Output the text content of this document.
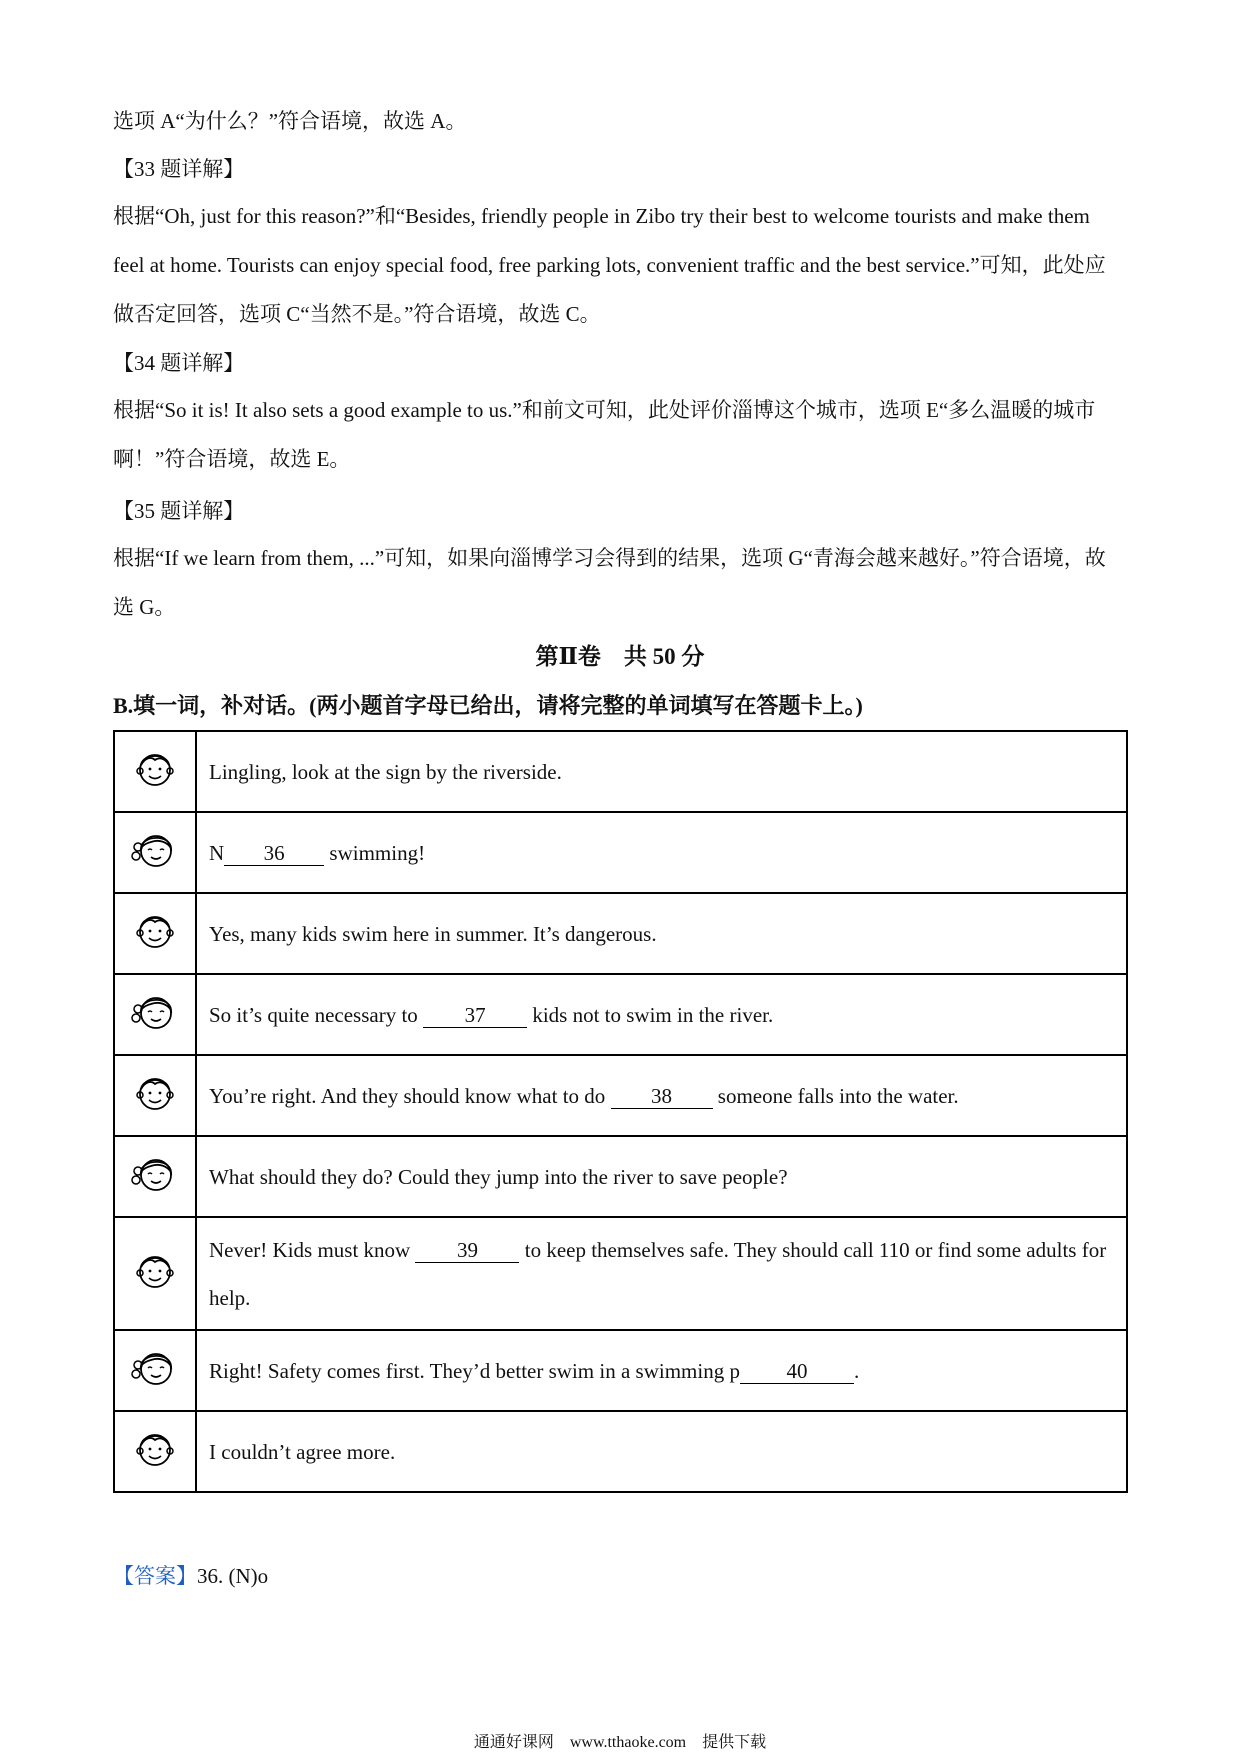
选项 A“为什么？”符合语境，故选 A。

【33 题详解】

根据“Oh, just for this reason?”和“Besides, friendly people in Zibo try their best to welcome tourists and make them feel at home. Tourists can enjoy special food, free parking lots, convenient traffic and the best service.”可知，此处应做否定回答，选项 C“当然不是。”符合语境，故选 C。

【34 题详解】

根据“So it is! It also sets a good example to us.”和前文可知，此处评价淄博这个城市，选项 E“多么温暖的城市啊！”符合语境，故选 E。

【35 题详解】

根据“If we learn from them, ...”可知，如果向淄博学习会得到的结果，选项 G“青海会越来越好。”符合语境，故选 G。

第Ⅱ卷　共 50 分

B.填一词，补对话。(两小题首字母已给出，请将完整的单词填写在答题卡上。)

	Lingling, look at the sign by the riverside.
	N 36 swimming!
	Yes, many kids swim here in summer. It’s dangerous.
	So it’s quite necessary to 37 kids not to swim in the river.
	You’re right. And they should know what to do 38 someone falls into the water.
	What should they do? Could they jump into the river to save people?
	Never! Kids must know 39 to keep themselves safe. They should call 110 or find some adults for help.
	Right! Safety comes first. They’d better swim in a swimming p 40 .
	I couldn’t agree more.

【答案】36. (N)o

通通好课网　www.tthaoke.com　提供下载
